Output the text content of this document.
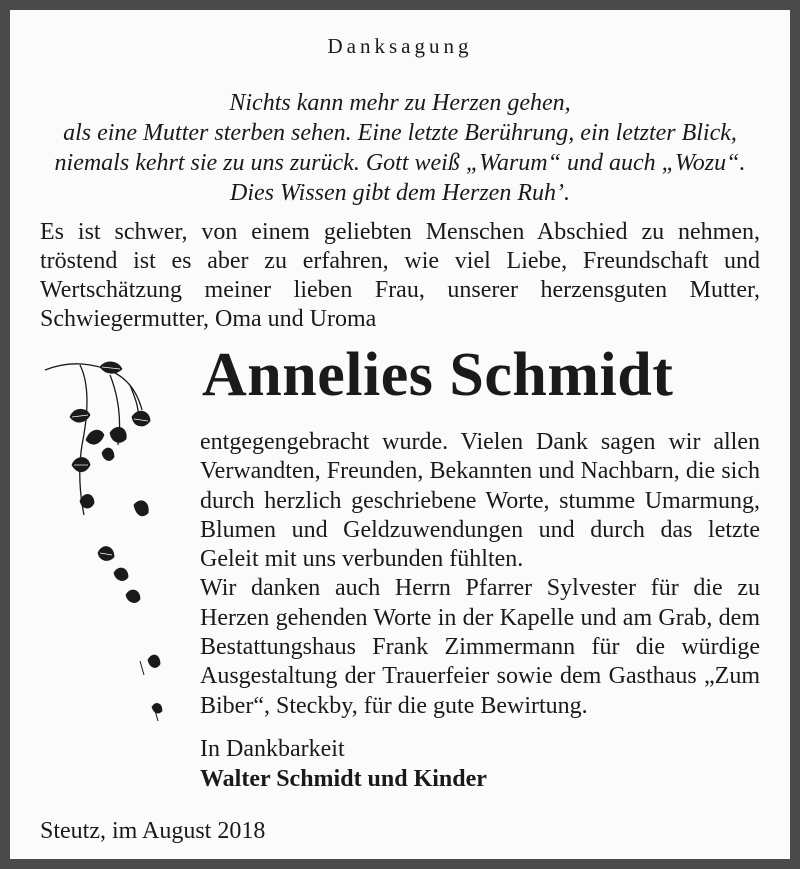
Danksagung
Nichts kann mehr zu Herzen gehen,
als eine Mutter sterben sehen. Eine letzte Berührung, ein letzter Blick,
niemals kehrt sie zu uns zurück. Gott weiß „Warum“ und auch „Wozu“.
Dies Wissen gibt dem Herzen Ruh’.
Es ist schwer, von einem geliebten Menschen Abschied zu nehmen, tröstend ist es aber zu erfahren, wie viel Liebe, Freundschaft und Wertschätzung meiner lieben Frau, unserer herzensguten Mutter, Schwiegermutter, Oma und Uroma
Annelies Schmidt

entgegengebracht wurde. Vielen Dank sagen wir allen Verwandten, Freunden, Bekannten und Nachbarn, die sich durch herzlich geschriebene Worte, stumme Umarmung, Blumen und Geldzuwendungen und durch das letzte Geleit mit uns verbunden fühlten.

Wir danken auch Herrn Pfarrer Sylvester für die zu Herzen gehenden Worte in der Kapelle und am Grab, dem Bestattungshaus Frank Zimmermann für die würdige Ausgestaltung der Trauerfeier sowie dem Gasthaus „Zum Biber“, Steckby, für die gute Bewirtung.

In Dankbarkeit
Walter Schmidt und Kinder
Steutz, im August 2018
